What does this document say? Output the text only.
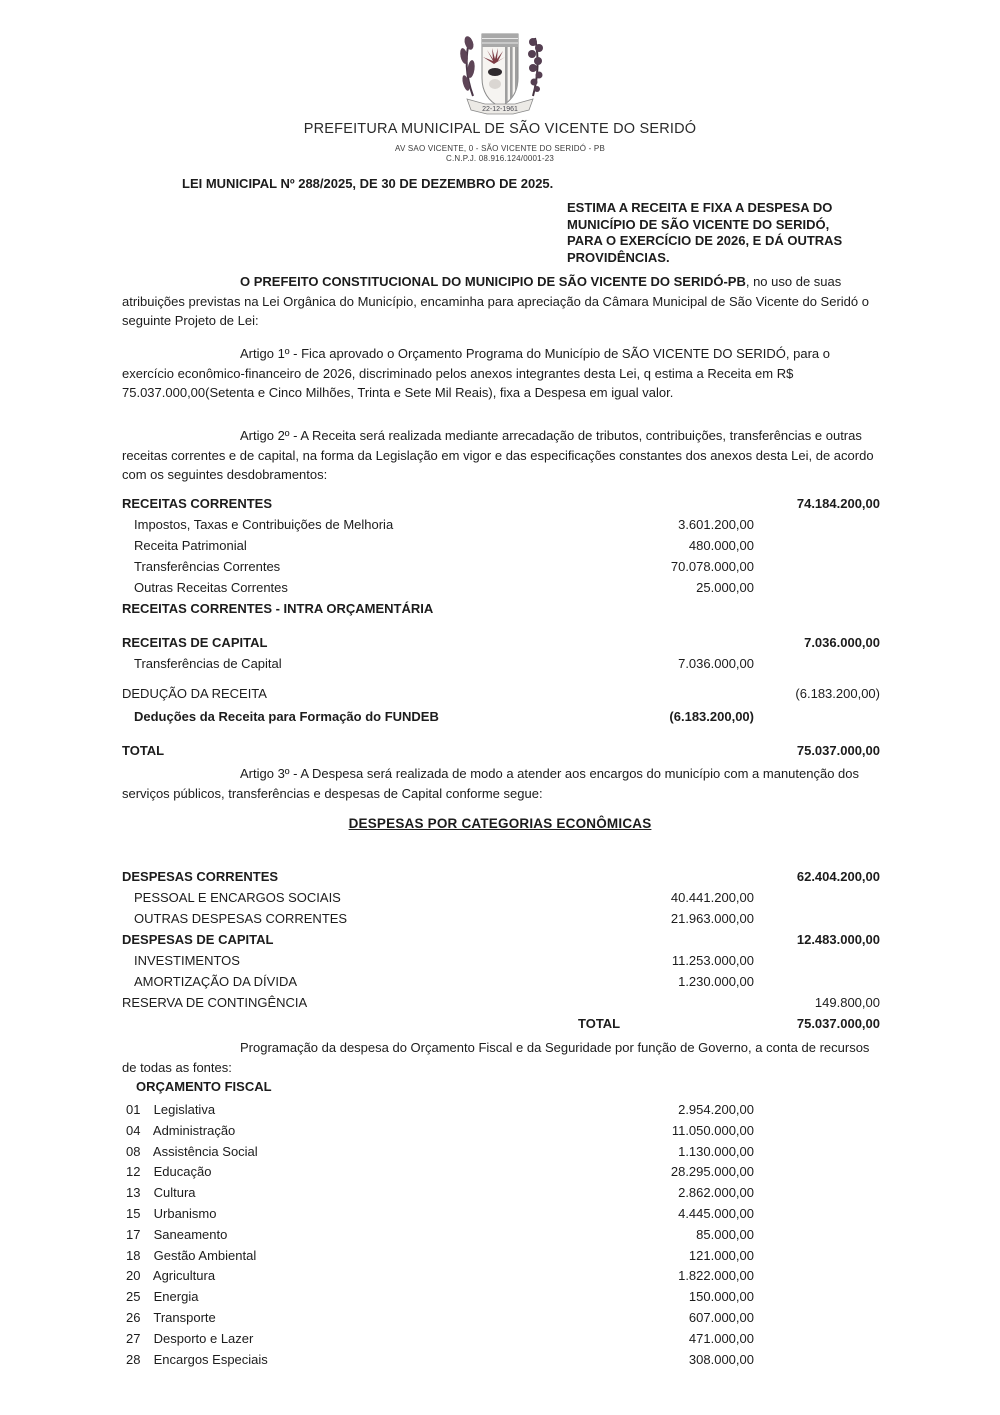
22-12-1961
PREFEITURA MUNICIPAL DE SÃO VICENTE DO SERIDÓ
AV SAO VICENTE, 0 - SÃO VICENTE DO SERIDÓ - PB
C.N.P.J. 08.916.124/0001-23
LEI MUNICIPAL Nº 288/2025, DE 30 DE DEZEMBRO DE 2025.
ESTIMA A RECEITA E FIXA A DESPESA DO
MUNICÍPIO DE SÃO VICENTE DO SERIDÓ,
PARA O EXERCÍCIO DE 2026, E DÁ OUTRAS
PROVIDÊNCIAS.
O PREFEITO CONSTITUCIONAL DO MUNICIPIO DE SÃO VICENTE DO SERIDÓ-PB, no uso de suas atribuições previstas na Lei Orgânica do Município, encaminha para apreciação da Câmara Municipal de São Vicente do Seridó o seguinte Projeto de Lei:
Artigo 1º - Fica aprovado o Orçamento Programa do Município de SÃO VICENTE DO SERIDÓ, para o exercício econômico-financeiro de 2026, discriminado pelos anexos integrantes desta Lei, q estima a Receita em R$ 75.037.000,00(Setenta e Cinco Milhões, Trinta e Sete Mil Reais), fixa a Despesa em igual valor.
Artigo 2º - A Receita será realizada mediante arrecadação de tributos, contribuições, transferências e outras receitas correntes e de capital, na forma da Legislação em vigor e das especificações constantes dos anexos desta Lei, de acordo com os seguintes desdobramentos:
RECEITAS CORRENTES	74.184.200,00
Impostos, Taxas e Contribuições de Melhoria	3.601.200,00
Receita Patrimonial	480.000,00
Transferências Correntes	70.078.000,00
Outras Receitas Correntes	25.000,00
RECEITAS CORRENTES - INTRA ORÇAMENTÁRIA
RECEITAS DE CAPITAL	7.036.000,00
Transferências de Capital	7.036.000,00
DEDUÇÃO DA RECEITA	(6.183.200,00)
Deduções da Receita para Formação do FUNDEB	(6.183.200,00)
TOTAL	75.037.000,00
Artigo 3º - A Despesa será realizada de modo a atender aos encargos do município com a manutenção dos serviços públicos, transferências e despesas de Capital conforme segue:
DESPESAS POR CATEGORIAS ECONÔMICAS
DESPESAS CORRENTES	62.404.200,00
PESSOAL E ENCARGOS SOCIAIS	40.441.200,00
OUTRAS DESPESAS CORRENTES	21.963.000,00
DESPESAS DE CAPITAL	12.483.000,00
INVESTIMENTOS	11.253.000,00
AMORTIZAÇÃO DA DÍVIDA	1.230.000,00
RESERVA DE CONTINGÊNCIA	149.800,00
TOTAL	75.037.000,00
Programação da despesa do Orçamento Fiscal e da Seguridade por função de Governo, a conta de recursos de todas as fontes:
ORÇAMENTO FISCAL
01 Legislativa	2.954.200,00
04 Administração	11.050.000,00
08 Assistência Social	1.130.000,00
12 Educação	28.295.000,00
13 Cultura	2.862.000,00
15 Urbanismo	4.445.000,00
17 Saneamento	85.000,00
18 Gestão Ambiental	121.000,00
20 Agricultura	1.822.000,00
25 Energia	150.000,00
26 Transporte	607.000,00
27 Desporto e Lazer	471.000,00
28 Encargos Especiais	308.000,00
